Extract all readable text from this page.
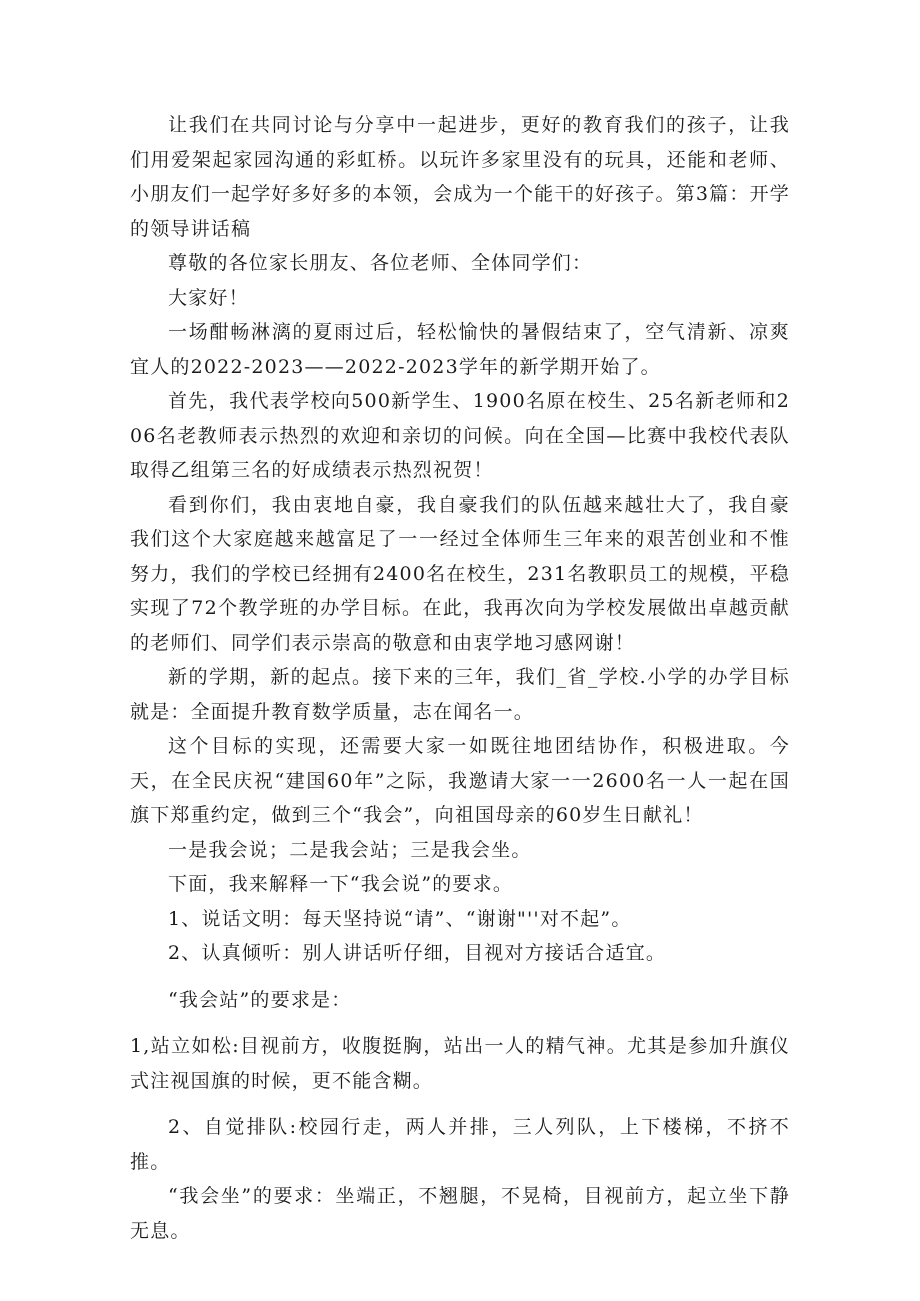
让我们在共同讨论与分享中一起进步，更好的教育我们的孩子，让我们用爱架起家园沟通的彩虹桥。以玩许多家里没有的玩具，还能和老师、小朋友们一起学好多好多的本领，会成为一个能干的好孩子。第3篇：开学的领导讲话稿

尊敬的各位家长朋友、各位老师、全体同学们：

大家好！

一场酣畅淋漓的夏雨过后，轻松愉快的暑假结束了，空气清新、凉爽宜人的2022-2023——2022-2023学年的新学期开始了。

首先，我代表学校向500新学生、1900名原在校生、25名新老师和206名老教师表示热烈的欢迎和亲切的问候。向在全国—比赛中我校代表队取得乙组第三名的好成绩表示热烈祝贺！

看到你们，我由衷地自豪，我自豪我们的队伍越来越壮大了，我自豪我们这个大家庭越来越富足了一一经过全体师生三年来的艰苦创业和不惟努力，我们的学校已经拥有2400名在校生，231名教职员工的规模，平稳实现了72个教学班的办学目标。在此，我再次向为学校发展做出卓越贡献的老师们、同学们表示崇高的敬意和由衷学地习感网谢！

新的学期，新的起点。接下来的三年，我们_省_学校.小学的办学目标就是：全面提升教育数学质量，志在闻名一。

这个目标的实现，还需要大家一如既往地团结协作，积极进取。今天，在全民庆祝“建国60年”之际，我邀请大家一一2600名一人一起在国旗下郑重约定，做到三个“我会”，向祖国母亲的60岁生日献礼！

一是我会说；二是我会站；三是我会坐。

下面，我来解释一下“我会说”的要求。

1、说话文明：每天坚持说“请”、“谢谢"''对不起”。

2、认真倾听：别人讲话听仔细，目视对方接话合适宜。

“我会站”的要求是：

1,站立如松:目视前方，收腹挺胸，站出一人的精气神。尤其是参加升旗仪式注视国旗的时候，更不能含糊。

2、自觉排队:校园行走，两人并排，三人列队，上下楼梯，不挤不推。

“我会坐”的要求：坐端正，不翘腿，不晃椅，目视前方，起立坐下静无息。
